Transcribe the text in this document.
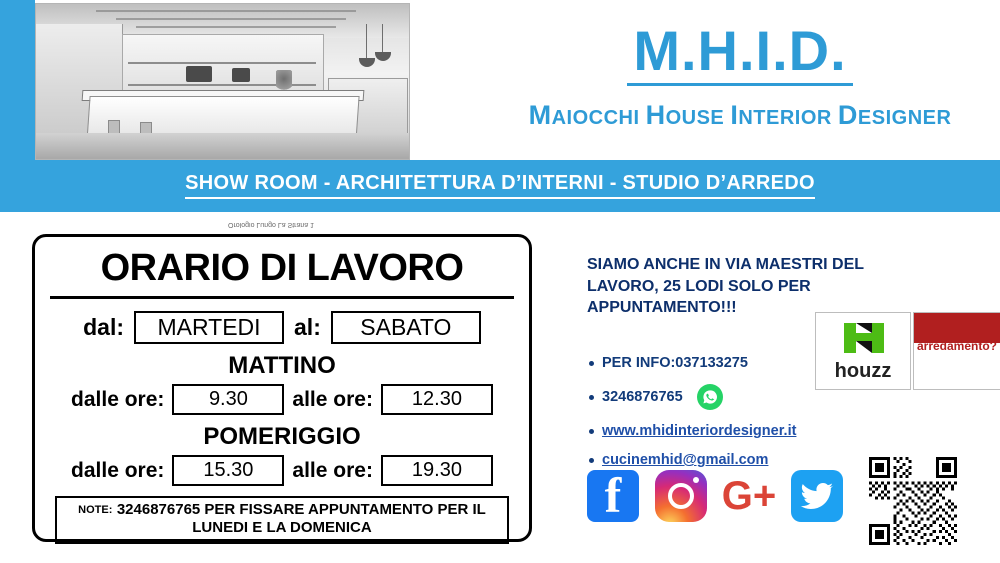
M.H.I.D.
MAIOCCHI HOUSE INTERIOR DESIGNER
SHOW ROOM - ARCHITETTURA D’INTERNI - STUDIO D’ARREDO
Orologio Lungo La Strana 1
ORARIO DI LAVORO
dal:	MARTEDI	al:	SABATO
MATTINO
dalle ore:	9.30	alle ore:	12.30
POMERIGGIO
dalle ore:	15.30	alle ore:	19.30
NOTE: 3246876765 PER FISSARE APPUNTAMENTO PER IL LUNEDI E LA DOMENICA
SIAMO ANCHE IN VIA MAESTRI DEL LAVORO, 25 LODI SOLO PER APPUNTAMENTO!!!
PER INFO:037133275
3246876765
www.mhidinteriordesigner.it
cucinemhid@gmail.com
houzz
arredamento?
f
G+
